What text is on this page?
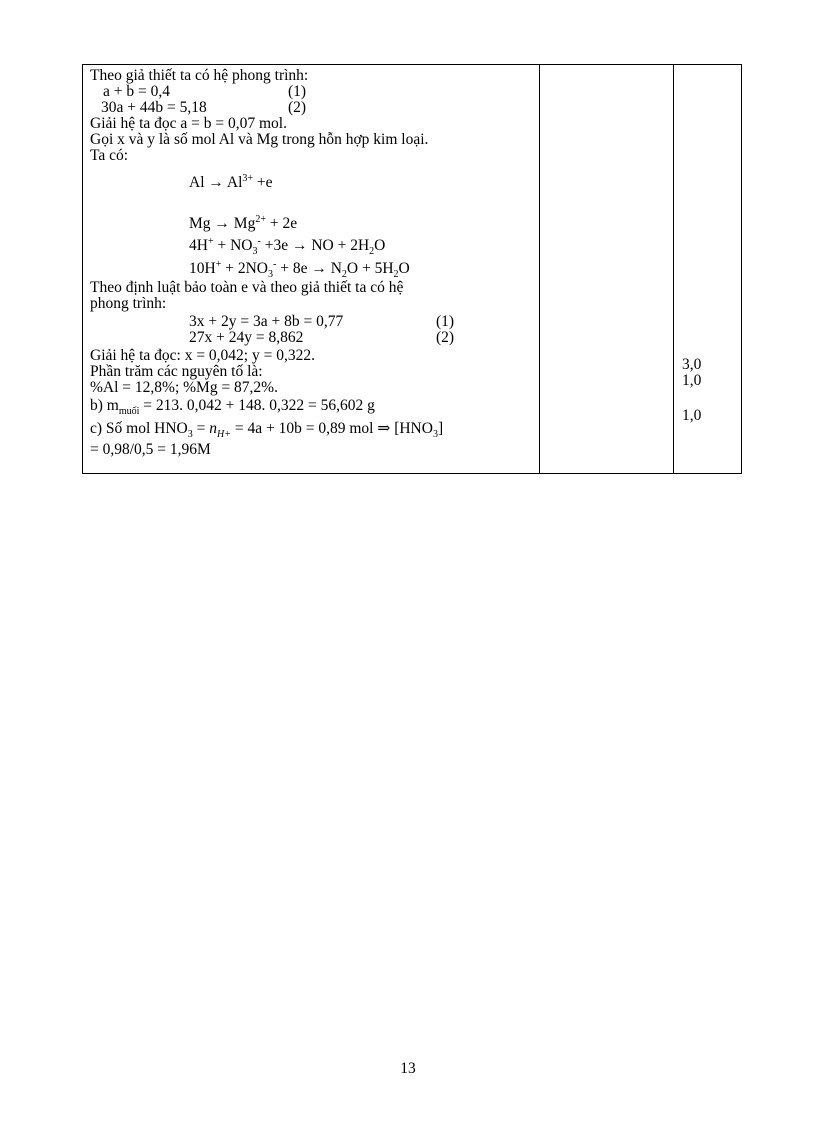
Theo giả thiết ta có hệ phong trình:
a + b = 0,4	(1)
30a + 44b = 5,18	(2)
Giải hệ ta đọc a = b = 0,07 mol.
Gọi x và y là số mol Al và Mg trong hỗn hợp kim loại.
Ta có:
$Al \to Al^{3+} +e$
$Mg \to Mg^{2+} + 2e$
$4H^+ + NO_3^- +3e$ → NO + $2H_2O$
$10H^+ + 2NO_3^- + 8e \to N_2O + 5H_2O$
Theo định luật bảo toàn e và theo giả thiết ta có hệ
phong trình:
3x + 2y = 3a + 8b = 0,77	(1)
27x + 24y = 8,862	(2)
Giải hệ ta đọc: x = 0,042; y = 0,322.
Phần trăm các nguyên tố là:
%Al = 12,8%; %Mg = 87,2%.
b) $m_{muối} = 213$. 0,042 + 148. 0,322 = 56,602 g
c) Số mol $HNO_3 = n_{H+} = 4a + 10b = 0,89$ mol ⇒ $[HNO_3]$
= 0,98/0,5 = 1,96M

3,0
1,0
1,0
13
